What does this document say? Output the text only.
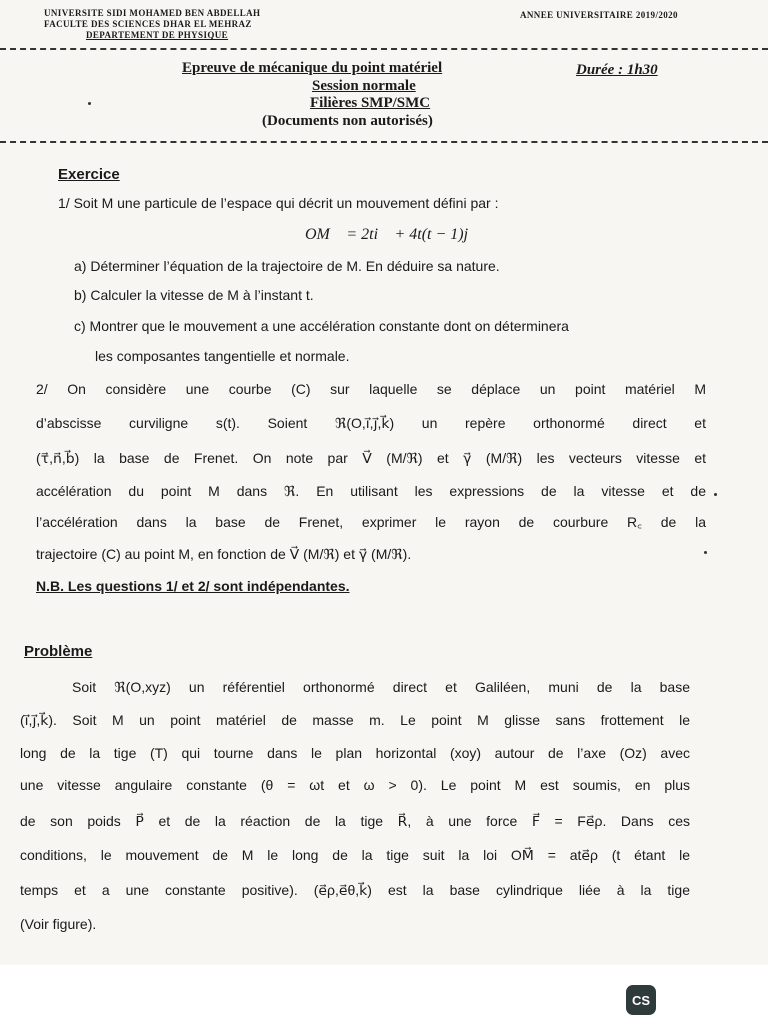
UNIVERSITE SIDI MOHAMED BEN ABDELLAH
FACULTE DES SCIENCES DHAR EL MEHRAZ
DEPARTEMENT DE PHYSIQUE
ANNEE UNIVERSITAIRE 2019/2020
Epreuve de mécanique du point matériel	Durée : 1h30
Session normale
Filières SMP/SMC
(Documents non autorisés)
Exercice
1/ Soit M une particule de l’espace qui décrit un mouvement défini par :
OM⃗ = 2ti⃗ + 4t(t − 1)j⃗
a) Déterminer l’équation de la trajectoire de M. En déduire sa nature.
b) Calculer la vitesse de M à l’instant t.
c) Montrer que le mouvement a une accélération constante dont on déterminera
les composantes tangentielle et normale.
2/ On considère une courbe (C) sur laquelle se déplace un point matériel M
d’abscisse curviligne s(t). Soient ℜ(O,i⃗,j⃗,k⃗) un repère orthonormé direct et
(τ⃗,n⃗,b⃗) la base de Frenet. On note par V⃗ (M/ℜ) et γ⃗ (M/ℜ) les vecteurs vitesse et
accélération du point M dans ℜ. En utilisant les expressions de la vitesse et de
l’accélération dans la base de Frenet, exprimer le rayon de courbure R꜀ de la
trajectoire (C) au point M, en fonction de V⃗ (M/ℜ) et γ⃗ (M/ℜ).
N.B. Les questions 1/ et 2/ sont indépendantes.
Problème
Soit ℜ(O,xyz) un référentiel orthonormé direct et Galiléen, muni de la base
(i⃗,j⃗,k⃗). Soit M un point matériel de masse m. Le point M glisse sans frottement le
long de la tige (T) qui tourne dans le plan horizontal (xoy) autour de l’axe (Oz) avec
une vitesse angulaire constante (θ = ωt et ω > 0). Le point M est soumis, en plus
de son poids P⃗ et de la réaction de la tige R⃗, à une force F⃗ = Fe⃗ρ. Dans ces
conditions, le mouvement de M le long de la tige suit la loi OM⃗ = ate⃗ρ (t étant le
temps et a une constante positive). (e⃗ρ,e⃗θ,k⃗) est la base cylindrique liée à la tige
(Voir figure).
CS
